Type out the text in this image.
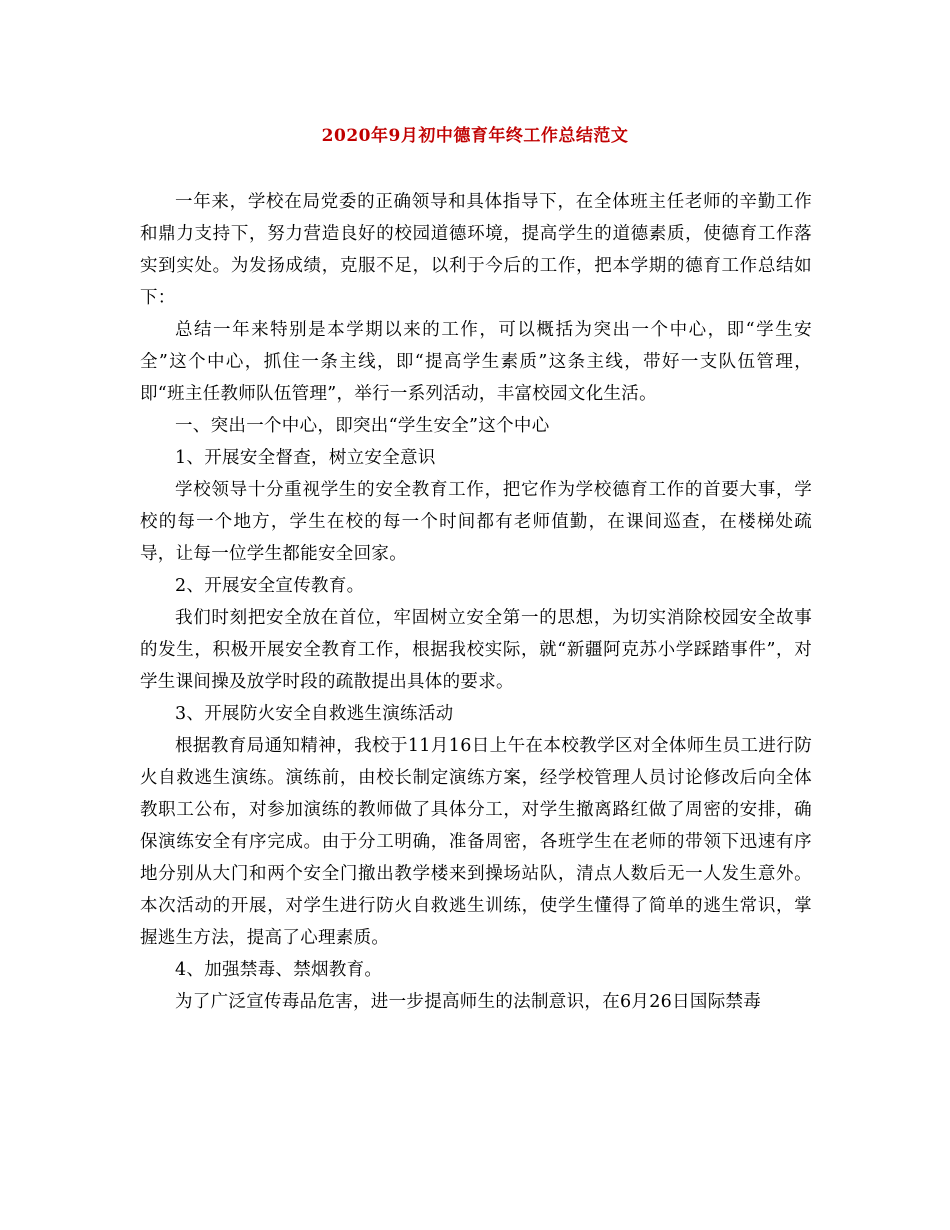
2020年9月初中德育年终工作总结范文

一年来，学校在局党委的正确领导和具体指导下，在全体班主任老师的辛勤工作和鼎力支持下，努力营造良好的校园道德环境，提高学生的道德素质，使德育工作落实到实处。为发扬成绩，克服不足，以利于今后的工作，把本学期的德育工作总结如下：

总结一年来特别是本学期以来的工作，可以概括为突出一个中心，即“学生安全”这个中心，抓住一条主线，即“提高学生素质”这条主线，带好一支队伍管理，即“班主任教师队伍管理”，举行一系列活动，丰富校园文化生活。

一、突出一个中心，即突出“学生安全”这个中心

1、开展安全督查，树立安全意识

学校领导十分重视学生的安全教育工作，把它作为学校德育工作的首要大事，学校的每一个地方，学生在校的每一个时间都有老师值勤，在课间巡查，在楼梯处疏导，让每一位学生都能安全回家。

2、开展安全宣传教育。

我们时刻把安全放在首位，牢固树立安全第一的思想，为切实消除校园安全故事的发生，积极开展安全教育工作，根据我校实际，就“新疆阿克苏小学踩踏事件”，对学生课间操及放学时段的疏散提出具体的要求。

3、开展防火安全自救逃生演练活动

根据教育局通知精神，我校于11月16日上午在本校教学区对全体师生员工进行防火自救逃生演练。演练前，由校长制定演练方案，经学校管理人员讨论修改后向全体教职工公布，对参加演练的教师做了具体分工，对学生撤离路红做了周密的安排，确保演练安全有序完成。由于分工明确，准备周密，各班学生在老师的带领下迅速有序地分别从大门和两个安全门撤出教学楼来到操场站队，清点人数后无一人发生意外。本次活动的开展，对学生进行防火自救逃生训练，使学生懂得了简单的逃生常识，掌握逃生方法，提高了心理素质。

4、加强禁毒、禁烟教育。

为了广泛宣传毒品危害，进一步提高师生的法制意识，在6月26日国际禁毒
